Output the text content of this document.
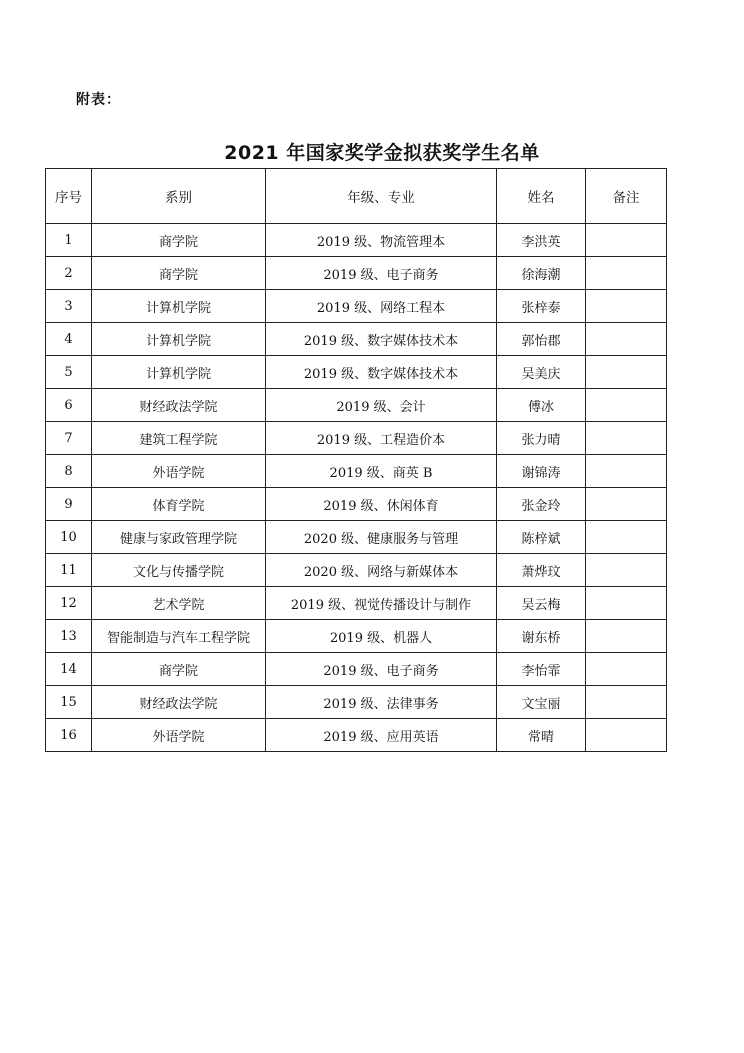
附表：
2021 年国家奖学金拟获奖学生名单
序号	系别	年级、专业	姓名	备注
1	商学院	2019 级、物流管理本	李洪英	
2	商学院	2019 级、电子商务	徐海潮	
3	计算机学院	2019 级、网络工程本	张梓泰	
4	计算机学院	2019 级、数字媒体技术本	郭怡郡	
5	计算机学院	2019 级、数字媒体技术本	吴美庆	
6	财经政法学院	2019 级、会计	傅冰	
7	建筑工程学院	2019 级、工程造价本	张力晴	
8	外语学院	2019 级、商英 B	谢锦涛	
9	体育学院	2019 级、休闲体育	张金玲	
10	健康与家政管理学院	2020 级、健康服务与管理	陈梓斌	
11	文化与传播学院	2020 级、网络与新媒体本	萧烨玟	
12	艺术学院	2019 级、视觉传播设计与制作	吴云梅	
13	智能制造与汽车工程学院	2019 级、机器人	谢东桥	
14	商学院	2019 级、电子商务	李怡霏	
15	财经政法学院	2019 级、法律事务	文宝丽	
16	外语学院	2019 级、应用英语	常晴	
